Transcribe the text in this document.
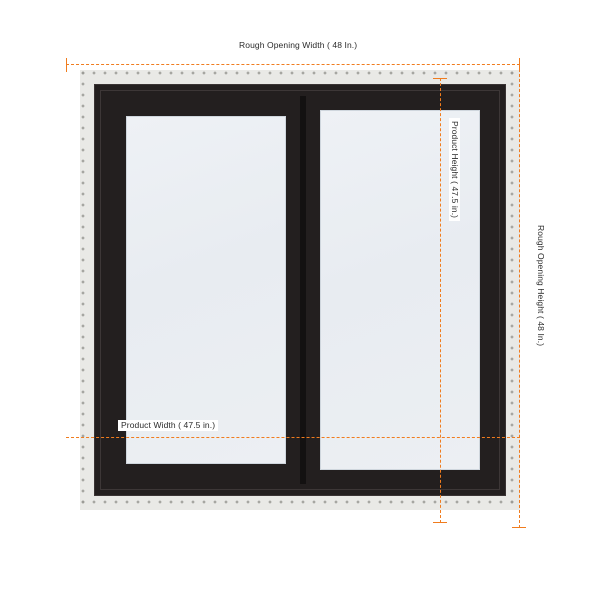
Rough Opening Width ( 48 In.)
Rough Opening Height ( 48 In.)
Product Height ( 47.5 in.)
Product Width ( 47.5 in.)
